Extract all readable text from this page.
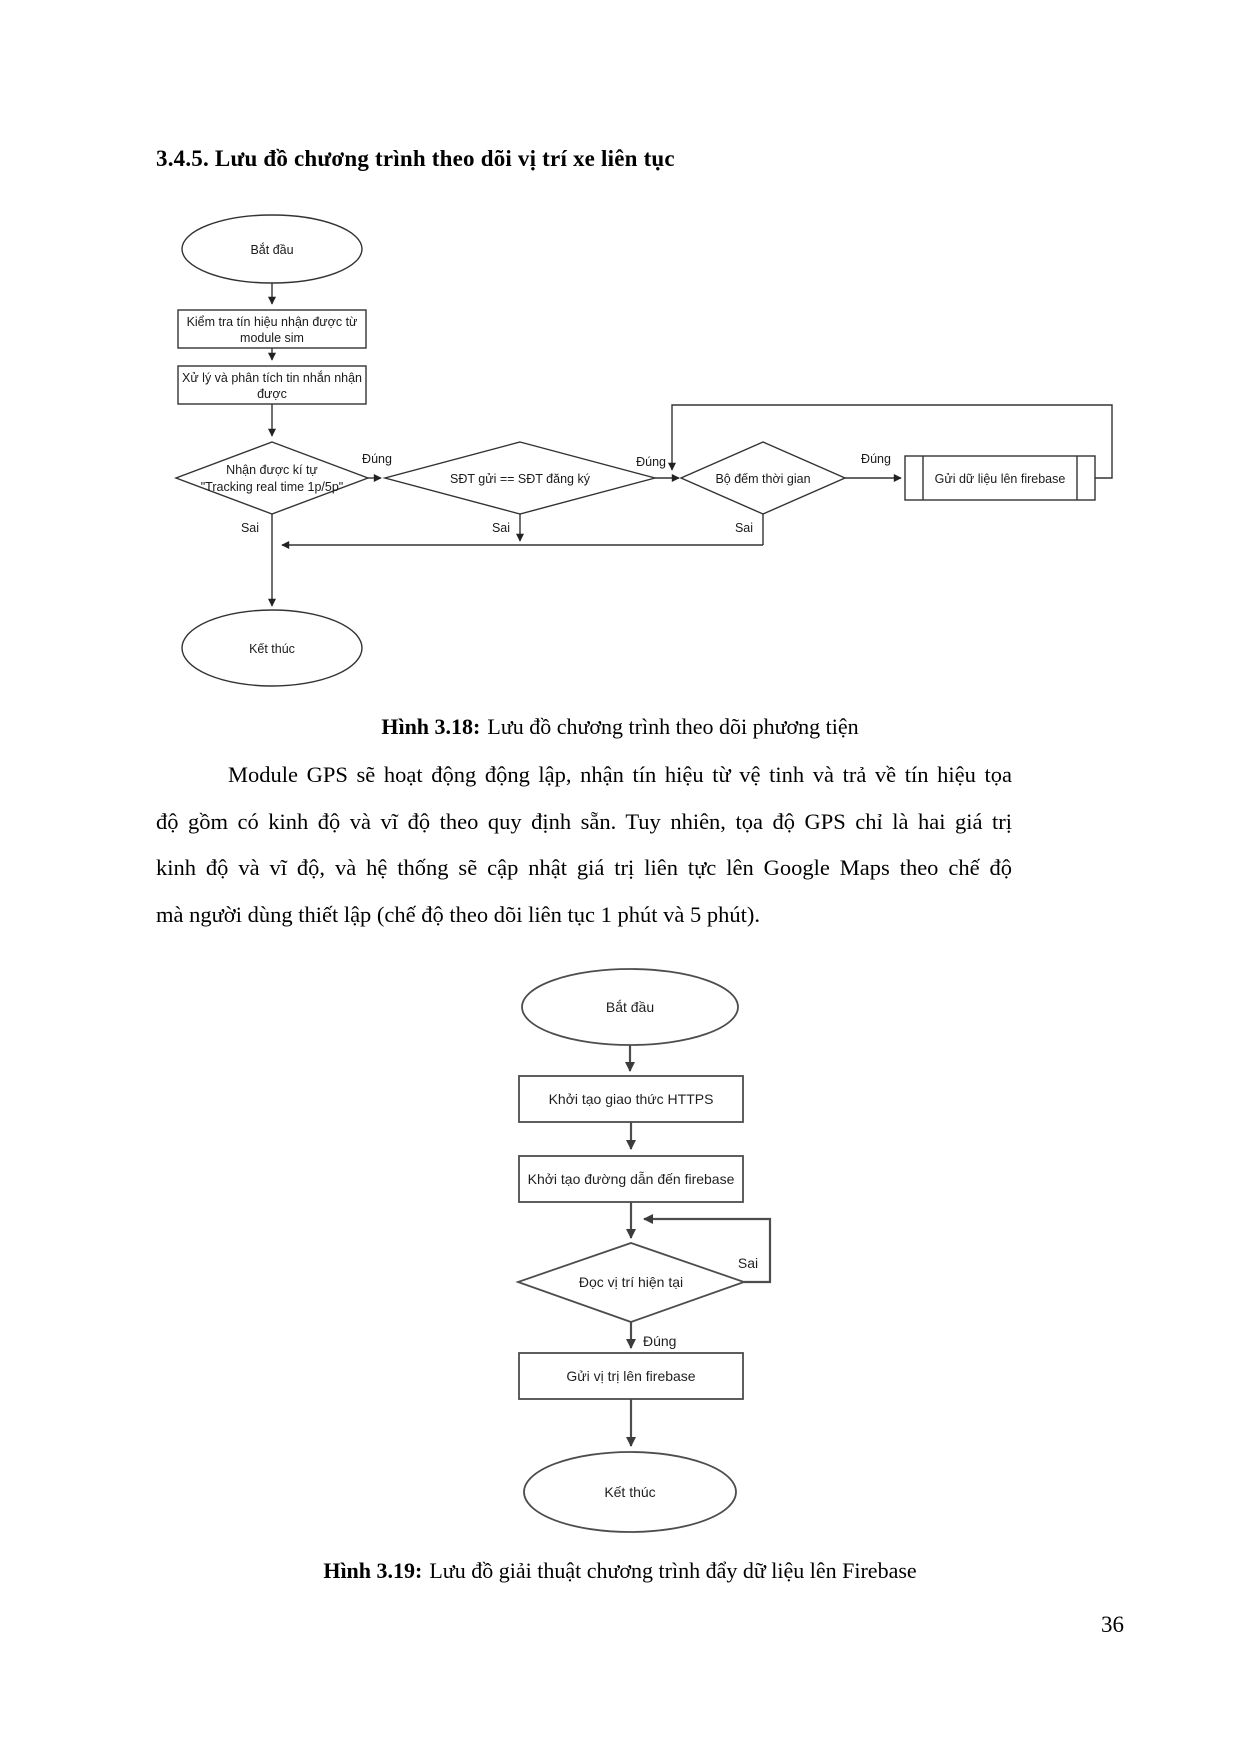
3.4.5. Lưu đồ chương trình theo dõi vị trí xe liên tục
Bắt đầu
Kiểm tra tín hiệu nhận được từ
module sim
Xử lý và phân tích tin nhắn nhận
được
Nhận được kí tự
"Tracking real time 1p/5p"
SĐT gửi == SĐT đăng ký	Bộ đếm thời gian	Gửi dữ liệu lên firebase
Đúng	Đúng	Đúng
Sai	Sai	Sai
Kết thúc
Hình 3.18: Lưu đồ chương trình theo dõi phương tiện
Module GPS sẽ hoạt động động lập, nhận tín hiệu từ vệ tinh và trả về tín hiệu tọa
độ gồm có kinh độ và vĩ độ theo quy định sẵn. Tuy nhiên, tọa độ GPS chỉ là hai giá trị
kinh độ và vĩ độ, và hệ thống sẽ cập nhật giá trị liên tực lên Google Maps theo chế độ
mà người dùng thiết lập (chế độ theo dõi liên tục 1 phút và 5 phút).
Bắt đầu
Khởi tạo giao thức HTTPS
Khởi tạo đường dẫn đến firebase
Đọc vị trí hiện tại
Sai
Đúng
Gửi vị trị lên firebase
Kết thúc
Hình 3.19: Lưu đồ giải thuật chương trình đẩy dữ liệu lên Firebase
36
